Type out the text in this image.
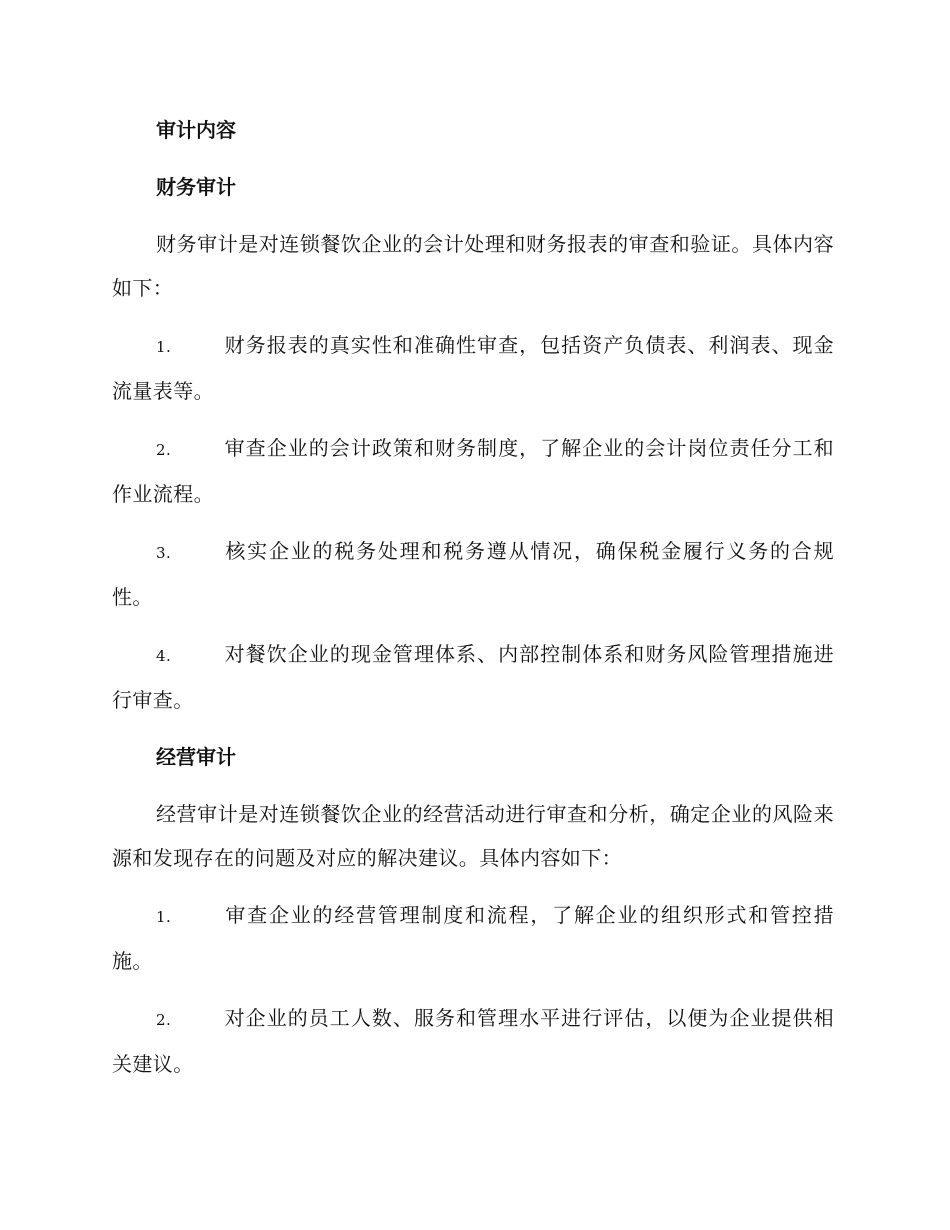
审计内容
财务审计
财务审计是对连锁餐饮企业的会计处理和财务报表的审查和验证。具体内容如下：
1.	财务报表的真实性和准确性审查，包括资产负债表、利润表、现金流量表等。
2.	审查企业的会计政策和财务制度，了解企业的会计岗位责任分工和作业流程。
3.	核实企业的税务处理和税务遵从情况，确保税金履行义务的合规性。
4.	对餐饮企业的现金管理体系、内部控制体系和财务风险管理措施进行审查。
经营审计
经营审计是对连锁餐饮企业的经营活动进行审查和分析，确定企业的风险来源和发现存在的问题及对应的解决建议。具体内容如下：
1.	审查企业的经营管理制度和流程，了解企业的组织形式和管控措施。
2.	对企业的员工人数、服务和管理水平进行评估，以便为企业提供相关建议。
